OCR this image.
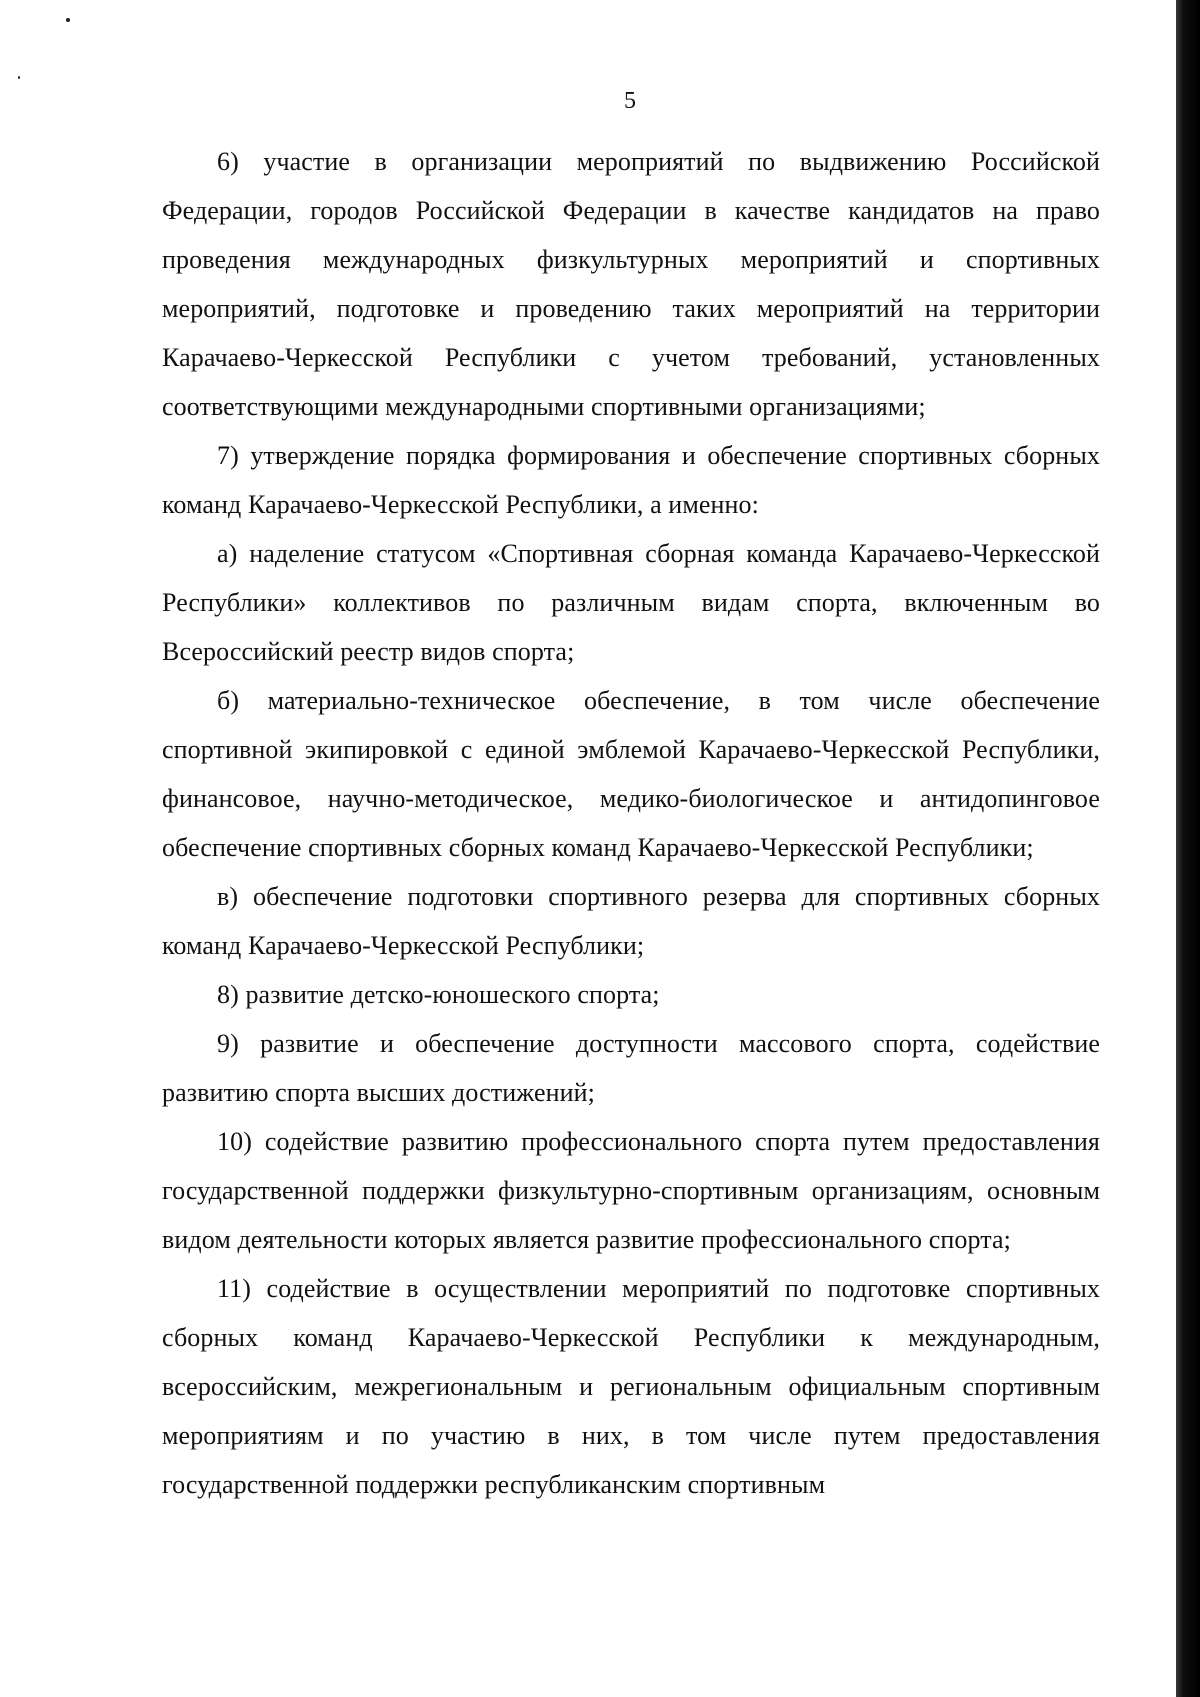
5

6) участие в организации мероприятий по выдвижению Российской Федерации, городов Российской Федерации в качестве кандидатов на право проведения международных физкультурных мероприятий и спортивных мероприятий, подготовке и проведению таких мероприятий на территории Карачаево-Черкесской Республики с учетом требований, установленных соответствующими международными спортивными организациями;

7) утверждение порядка формирования и обеспечение спортивных сборных команд Карачаево-Черкесской Республики, а именно:

а) наделение статусом «Спортивная сборная команда Карачаево-Черкесской Республики» коллективов по различным видам спорта, включенным во Всероссийский реестр видов спорта;

б) материально-техническое обеспечение, в том числе обеспечение спортивной экипировкой с единой эмблемой Карачаево-Черкесской Республики, финансовое, научно-методическое, медико-биологическое и антидопинговое обеспечение спортивных сборных команд Карачаево-Черкесской Республики;

в) обеспечение подготовки спортивного резерва для спортивных сборных команд Карачаево-Черкесской Республики;

8) развитие детско-юношеского спорта;

9) развитие и обеспечение доступности массового спорта, содействие развитию спорта высших достижений;

10) содействие развитию профессионального спорта путем предоставления государственной поддержки физкультурно-спортивным организациям, основным видом деятельности которых является развитие профессионального спорта;

11) содействие в осуществлении мероприятий по подготовке спортивных сборных команд Карачаево-Черкесской Республики к международным, всероссийским, межрегиональным и региональным официальным спортивным мероприятиям и по участию в них, в том числе путем предоставления государственной поддержки республиканским спортивным
